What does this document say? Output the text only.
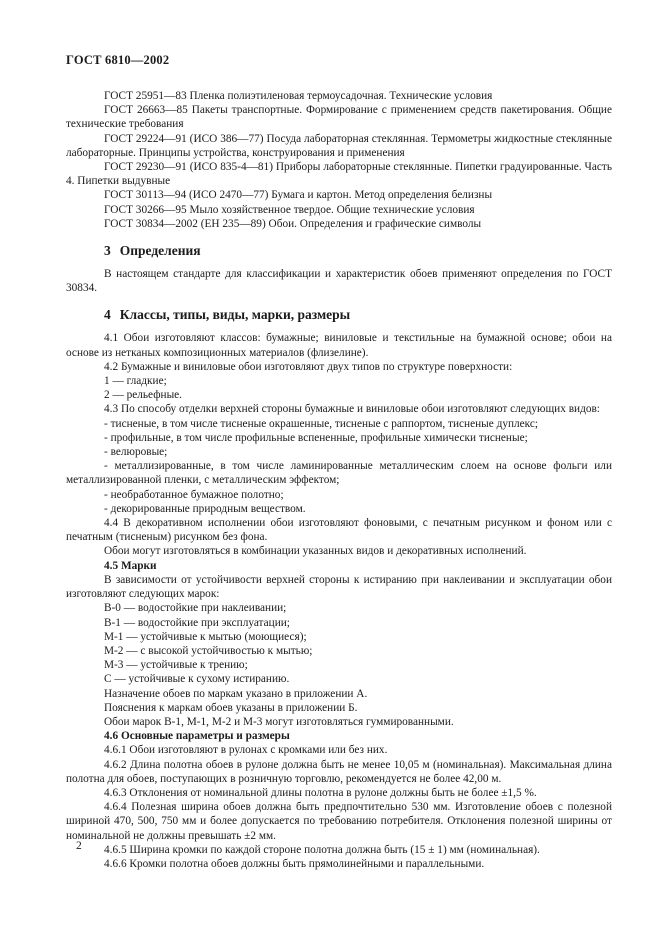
ГОСТ 6810—2002

ГОСТ 25951—83 Пленка полиэтиленовая термоусадочная. Технические условия

ГОСТ 26663—85 Пакеты транспортные. Формирование с применением средств пакетирования. Общие технические требования

ГОСТ 29224—91 (ИСО 386—77) Посуда лабораторная стеклянная. Термометры жидкостные стеклянные лабораторные. Принципы устройства, конструирования и применения

ГОСТ 29230—91 (ИСО 835-4—81) Приборы лабораторные стеклянные. Пипетки градуированные. Часть 4. Пипетки выдувные

ГОСТ 30113—94 (ИСО 2470—77) Бумага и картон. Метод определения белизны

ГОСТ 30266—95 Мыло хозяйственное твердое. Общие технические условия

ГОСТ 30834—2002 (ЕН 235—89) Обои. Определения и графические символы

3 Определения

В настоящем стандарте для классификации и характеристик обоев применяют определения по ГОСТ 30834.

4 Классы, типы, виды, марки, размеры

4.1 Обои изготовляют классов: бумажные; виниловые и текстильные на бумажной основе; обои на основе из нетканых композиционных материалов (флизелине).

4.2 Бумажные и виниловые обои изготовляют двух типов по структуре поверхности:

1 — гладкие;

2 — рельефные.

4.3 По способу отделки верхней стороны бумажные и виниловые обои изготовляют следующих видов:

- тисненые, в том числе тисненые окрашенные, тисненые с раппортом, тисненые дуплекс;

- профильные, в том числе профильные вспененные, профильные химически тисненые;

- велюровые;

- металлизированные, в том числе ламинированные металлическим слоем на основе фольги или металлизированной пленки, с металлическим эффектом;

- необработанное бумажное полотно;

- декорированные природным веществом.

4.4 В декоративном исполнении обои изготовляют фоновыми, с печатным рисунком и фоном или с печатным (тисненым) рисунком без фона.

Обои могут изготовляться в комбинации указанных видов и декоративных исполнений.

4.5 Марки

В зависимости от устойчивости верхней стороны к истиранию при наклеивании и эксплуатации обои изготовляют следующих марок:

В-0 — водостойкие при наклеивании;

В-1 — водостойкие при эксплуатации;

М-1 — устойчивые к мытью (моющиеся);

М-2 — с высокой устойчивостью к мытью;

М-3 — устойчивые к трению;

С — устойчивые к сухому истиранию.

Назначение обоев по маркам указано в приложении А.

Пояснения к маркам обоев указаны в приложении Б.

Обои марок В-1, М-1, М-2 и М-3 могут изготовляться гуммированными.

4.6 Основные параметры и размеры

4.6.1 Обои изготовляют в рулонах с кромками или без них.

4.6.2 Длина полотна обоев в рулоне должна быть не менее 10,05 м (номинальная). Максимальная длина полотна для обоев, поступающих в розничную торговлю, рекомендуется не более 42,00 м.

4.6.3 Отклонения от номинальной длины полотна в рулоне должны быть не более ±1,5 %.

4.6.4 Полезная ширина обоев должна быть предпочтительно 530 мм. Изготовление обоев с полезной шириной 470, 500, 750 мм и более допускается по требованию потребителя. Отклонения полезной ширины от номинальной не должны превышать ±2 мм.

4.6.5 Ширина кромки по каждой стороне полотна должна быть (15 ± 1) мм (номинальная).

4.6.6 Кромки полотна обоев должны быть прямолинейными и параллельными.

2
